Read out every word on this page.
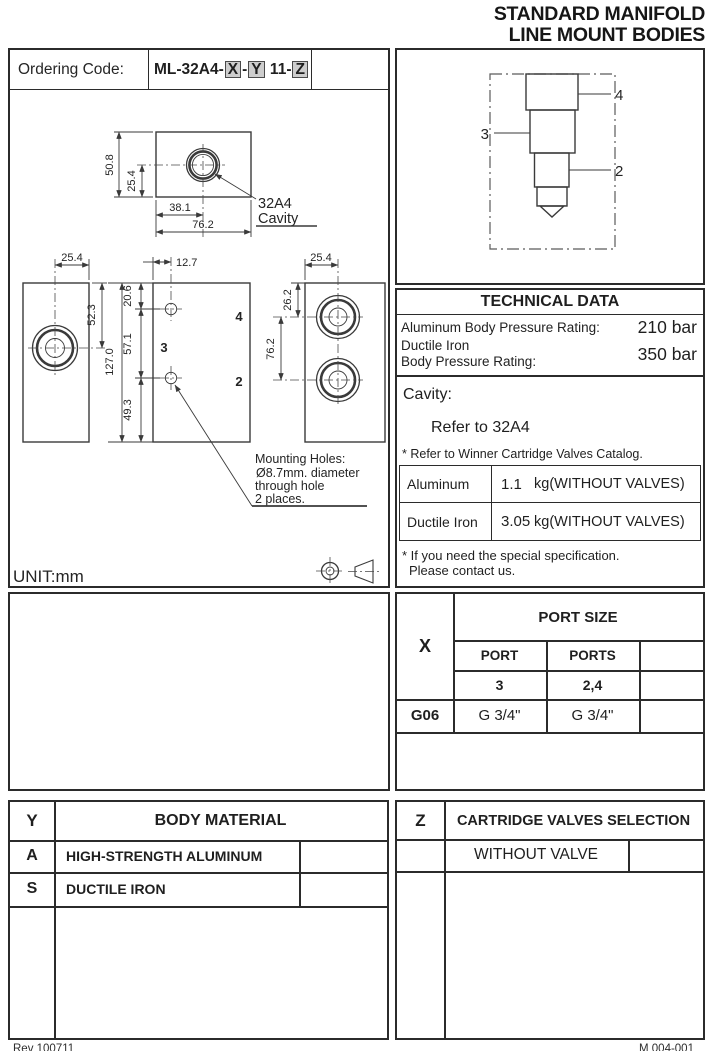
STANDARD MANIFOLD
LINE MOUNT BODIES
Ordering Code:	ML-32A4- X - Y 11- Z
50.8
25.4
38.1
76.2
32A4
Cavity
25.4
52.3	4
3
2
12.7
127.0
20.6
57.1
49.3
25.4
26.2
76.2
Mounting Holes:
Ø8.7mm. diameter
through hole
2 places.
UNIT:mm
4
3
2
TECHNICAL DATA
Aluminum Body Pressure Rating: 210 bar
Ductile Iron
Body Pressure Rating:	350 bar
Cavity:
Refer to 32A4
* Refer to Winner Cartridge Valves Catalog.
Aluminum	1.1 kg(WITHOUT VALVES)
Ductile Iron	3.05 kg(WITHOUT VALVES)
* If you need the special specification.
Please contact us.
X
PORT SIZE
PORT	PORTS
3	2,4
G06	G 3/4"	G 3/4"
Y	BODY MATERIAL
A	HIGH-STRENGTH ALUMINUM
S	DUCTILE IRON
Z	CARTRIDGE VALVES SELECTION
WITHOUT VALVE
Rev 100711	M 004-001
